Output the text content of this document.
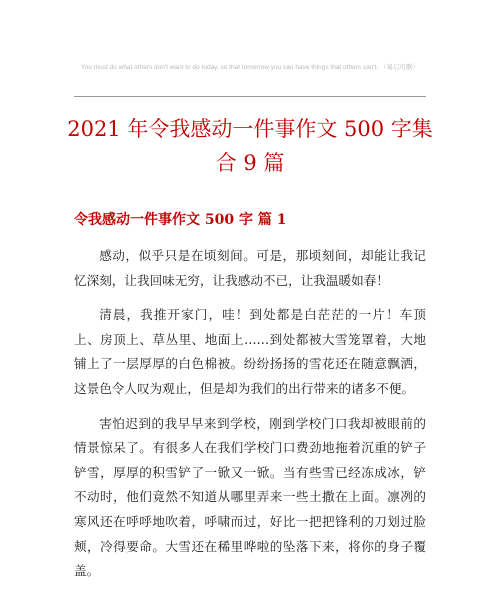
You must do what others don't want to do today, so that tomorrow you can have things that others can't. （易启可删）
2021 年令我感动一件事作文 500 字集合 9 篇
令我感动一件事作文 500 字 篇 1

感动，似乎只是在顷刻间。可是，那顷刻间，却能让我记忆深刻，让我回味无穷，让我感动不已，让我温暖如春！

清晨，我推开家门，哇！到处都是白茫茫的一片！车顶上、房顶上、草丛里、地面上……到处都被大雪笼罩着，大地铺上了一层厚厚的白色棉被。纷纷扬扬的雪花还在随意飘洒，这景色令人叹为观止，但是却为我们的出行带来的诸多不便。

害怕迟到的我早早来到学校，刚到学校门口我却被眼前的情景惊呆了。有很多人在我们学校门口费劲地拖着沉重的铲子铲雪，厚厚的积雪铲了一锨又一锨。当有些雪已经冻成冰，铲不动时，他们竟然不知道从哪里弄来一些土撒在上面。凛冽的寒风还在呼呼地吹着，呼啸而过，好比一把把锋利的刀划过脸颊，冷得要命。大雪还在稀里哗啦的坠落下来，将你的身子覆盖。
